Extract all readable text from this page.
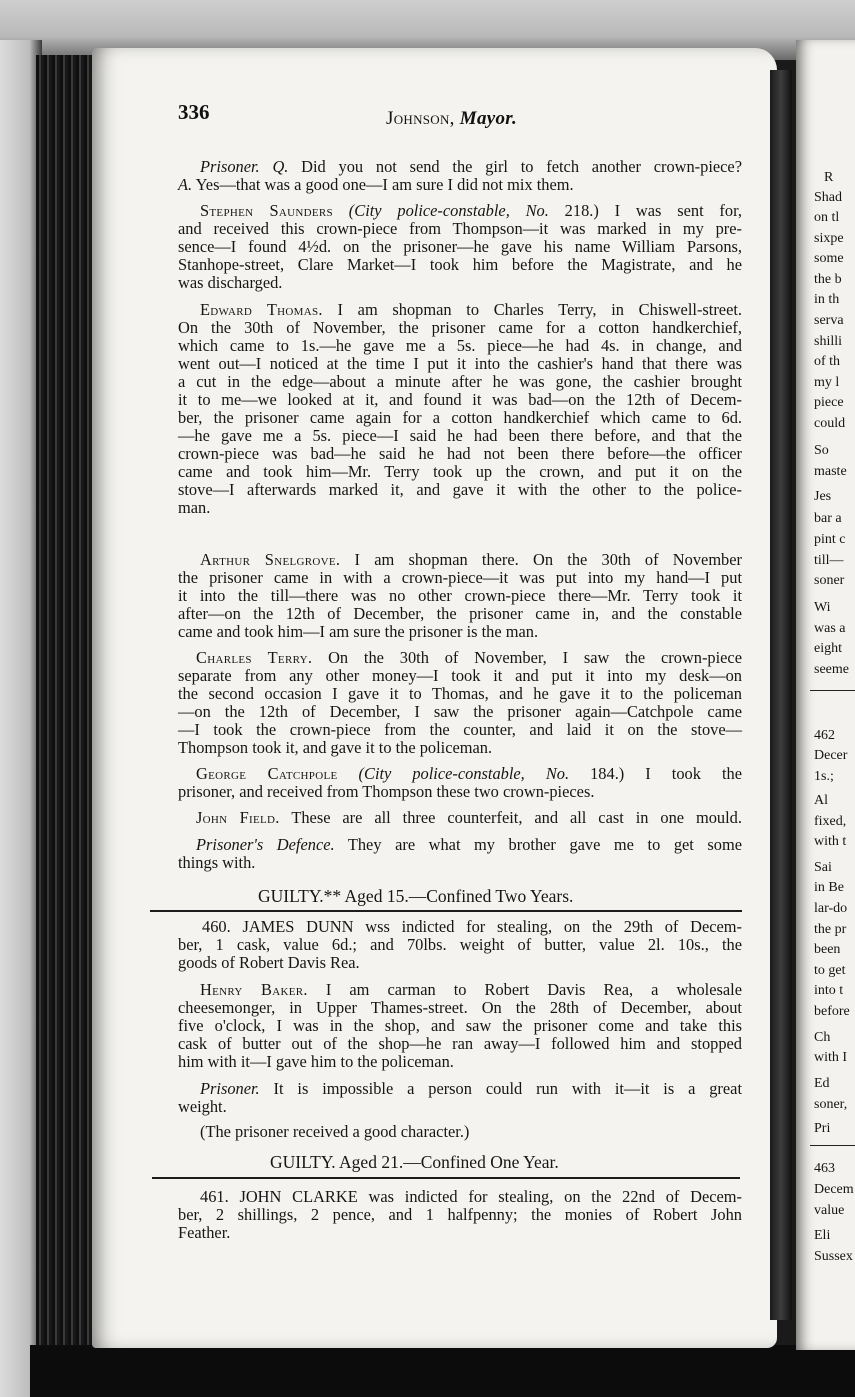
R
Shad
on tl
sixpe
some
the b
in th
serva
shilli
of th
my l
piece
could
So
maste
Jes
bar a
pint c
till—
soner
Wi
was a
eight
seeme
462
Decer
1s.;
Al
fixed,
with t
Sai
in Be
lar-do
the pr
been
to get
into t
before
Ch
with I
Ed
soner,
Pri
463
Decem
value
Eli
Sussex
336	Johnson, Mayor.
Prisoner. Q. Did you not send the girl to fetch another crown-piece?
A. Yes—that was a good one—I am sure I did not mix them.
Stephen Saunders (City police-constable, No. 218.) I was sent for,
and received this crown-piece from Thompson—it was marked in my pre-
sence—I found 4½d. on the prisoner—he gave his name William Parsons,
Stanhope-street, Clare Market—I took him before the Magistrate, and he
was discharged.
Edward Thomas. I am shopman to Charles Terry, in Chiswell-street.
On the 30th of November, the prisoner came for a cotton handkerchief,
which came to 1s.—he gave me a 5s. piece—he had 4s. in change, and
went out—I noticed at the time I put it into the cashier's hand that there was
a cut in the edge—about a minute after he was gone, the cashier brought
it to me—we looked at it, and found it was bad—on the 12th of Decem-
ber, the prisoner came again for a cotton handkerchief which came to 6d.
—he gave me a 5s. piece—I said he had been there before, and that the
crown-piece was bad—he said he had not been there before—the officer
came and took him—Mr. Terry took up the crown, and put it on the
stove—I afterwards marked it, and gave it with the other to the police-
man.
Arthur Snelgrove. I am shopman there. On the 30th of November
the prisoner came in with a crown-piece—it was put into my hand—I put
it into the till—there was no other crown-piece there—Mr. Terry took it
after—on the 12th of December, the prisoner came in, and the constable
came and took him—I am sure the prisoner is the man.
Charles Terry. On the 30th of November, I saw the crown-piece
separate from any other money—I took it and put it into my desk—on
the second occasion I gave it to Thomas, and he gave it to the policeman
—on the 12th of December, I saw the prisoner again—Catchpole came
—I took the crown-piece from the counter, and laid it on the stove—
Thompson took it, and gave it to the policeman.
George Catchpole (City police-constable, No. 184.) I took the
prisoner, and received from Thompson these two crown-pieces.
John Field. These are all three counterfeit, and all cast in one mould.
Prisoner's Defence. They are what my brother gave me to get some
things with.
GUILTY.** Aged 15.—Confined Two Years.
460. JAMES DUNN wss indicted for stealing, on the 29th of Decem-
ber, 1 cask, value 6d.; and 70lbs. weight of butter, value 2l. 10s., the
goods of Robert Davis Rea.
Henry Baker. I am carman to Robert Davis Rea, a wholesale
cheesemonger, in Upper Thames-street. On the 28th of December, about
five o'clock, I was in the shop, and saw the prisoner come and take this
cask of butter out of the shop—he ran away—I followed him and stopped
him with it—I gave him to the policeman.
Prisoner. It is impossible a person could run with it—it is a great
weight.
(The prisoner received a good character.)
GUILTY. Aged 21.—Confined One Year.
461. JOHN CLARKE was indicted for stealing, on the 22nd of Decem-
ber, 2 shillings, 2 pence, and 1 halfpenny; the monies of Robert John
Feather.
